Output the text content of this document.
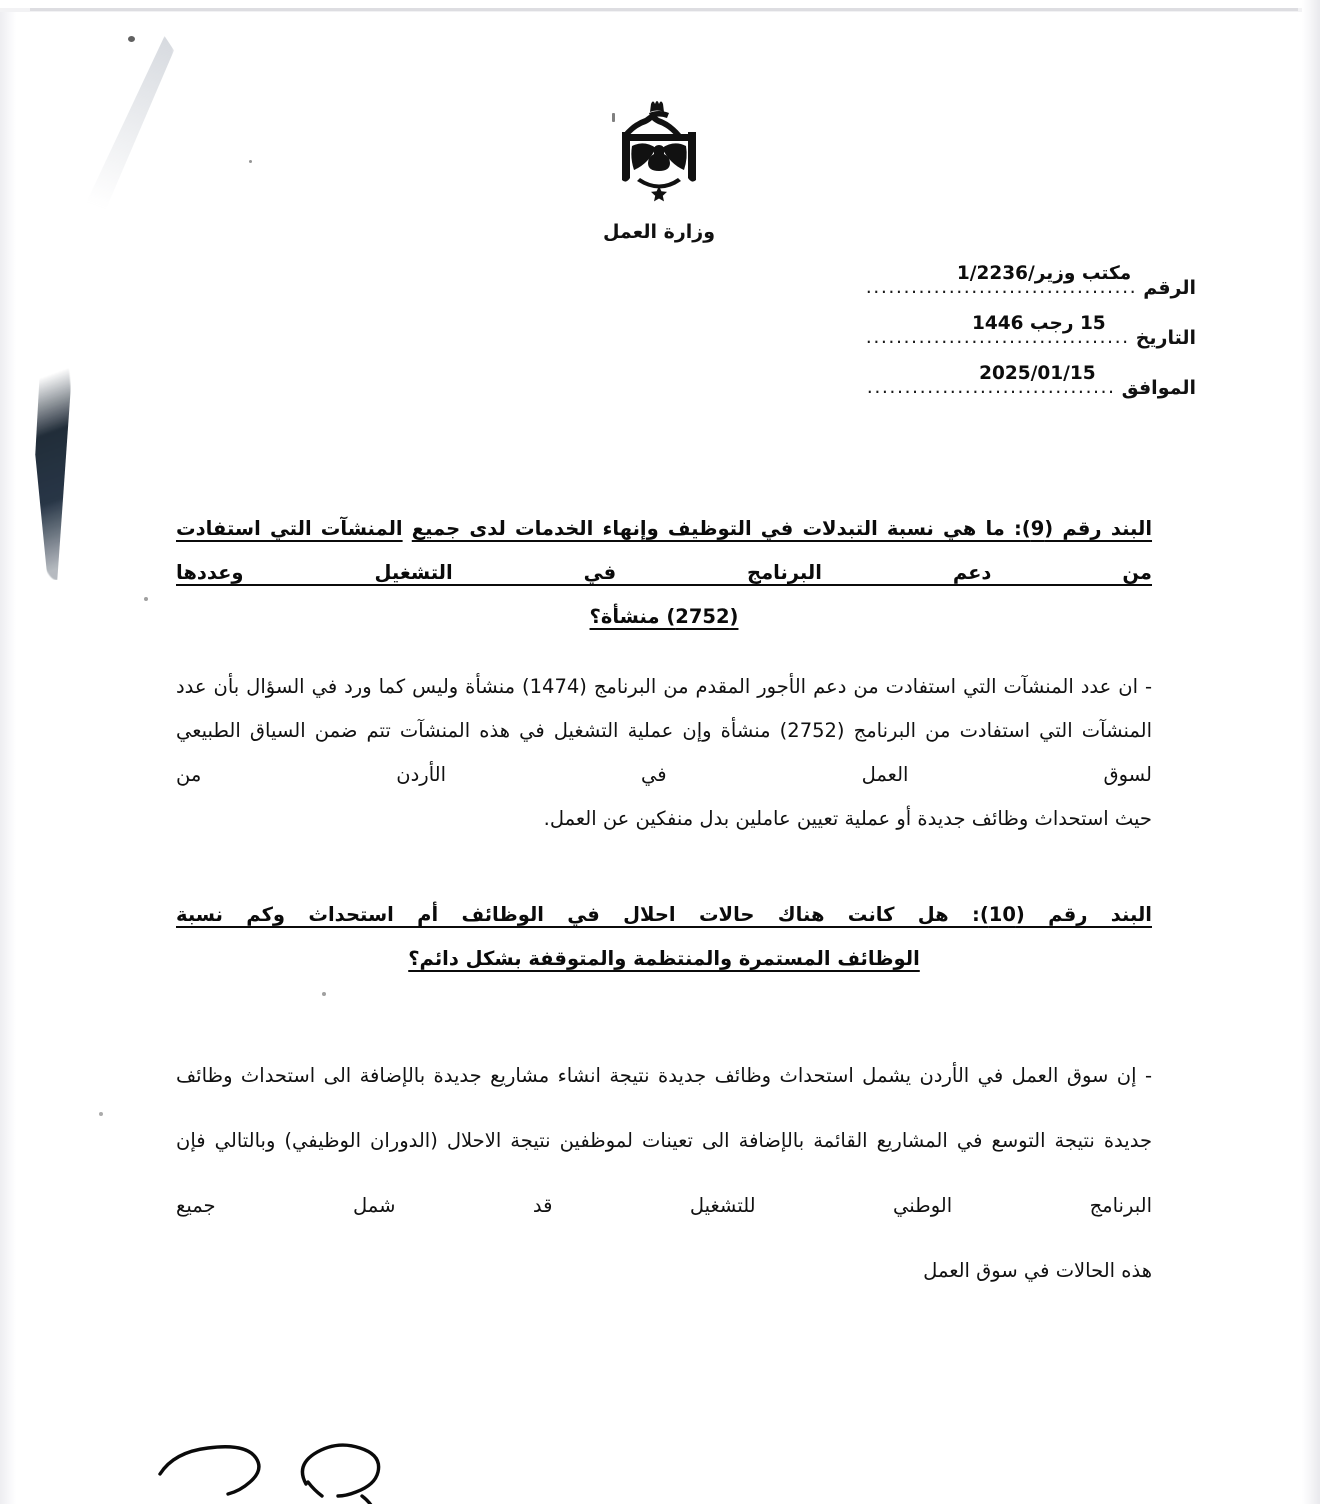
وزارة العمل
الرقم
مكتب وزير/1/2236
.....
التاريخ
15 رجب 1446
.....
الموافق
2025/01/15
.....
البند رقم (9): ما هي نسبة التبدلات في التوظيف وإنهاء الخدمات لدى جميع المنشآت التي استفادت من دعم البرنامج في التشغيل وعددها
(2752) منشأة؟
- ان عدد المنشآت التي استفادت من دعم الأجور المقدم من البرنامج (1474) منشأة وليس كما ورد في السؤال بأن عدد المنشآت التي استفادت من البرنامج (2752) منشأة وإن عملية التشغيل في هذه المنشآت تتم ضمن السياق الطبيعي لسوق العمل في الأردن من
حيث استحداث وظائف جديدة أو عملية تعيين عاملين بدل منفكين عن العمل.
البند رقم (10): هل كانت هناك حالات احلال في الوظائف أم استحداث وكم نسبة
الوظائف المستمرة والمنتظمة والمتوقفة بشكل دائم؟
- إن سوق العمل في الأردن يشمل استحداث وظائف جديدة نتيجة انشاء مشاريع جديدة بالإضافة الى استحداث وظائف جديدة نتيجة التوسع في المشاريع القائمة بالإضافة الى تعينات لموظفين نتيجة الاحلال (الدوران الوظيفي) وبالتالي فإن البرنامج الوطني للتشغيل قد شمل جميع
هذه الحالات في سوق العمل
